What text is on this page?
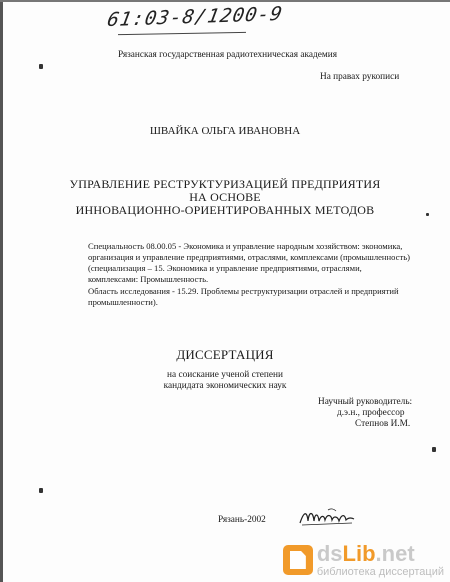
61:03-8/1200-9
Рязанская государственная радиотехническая академия
На правах рукописи
ШВАЙКА ОЛЬГА ИВАНОВНА
УПРАВЛЕНИЕ РЕСТРУКТУРИЗАЦИЕЙ ПРЕДПРИЯТИЯ
НА ОСНОВЕ
ИННОВАЦИОННО-ОРИЕНТИРОВАННЫХ МЕТОДОВ
Специальность 08.00.05 - Экономика и управление народным хозяйством: экономика, организация и управление предприятиями, отраслями, комплексами (промышленность) (специализация – 15. Экономика и управление предприятиями, отраслями, комплексами: Промышленность.
Область исследования - 15.29. Проблемы реструктуризации отраслей и предприятий промышленности).
ДИССЕРТАЦИЯ
на соискание ученой степени
кандидата экономических наук
Научный руководитель:
д.э.н., профессор
Степнов И.М.
Рязань-2002
dsLib.net
библиотека диссертаций
